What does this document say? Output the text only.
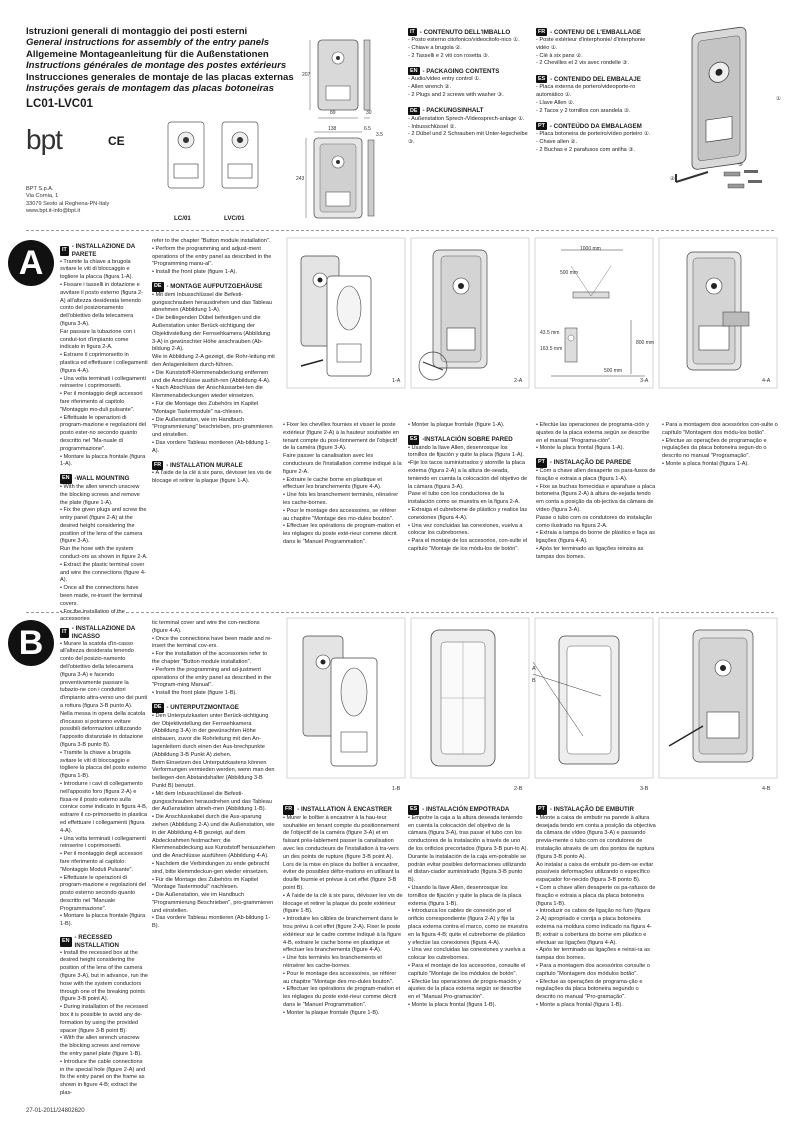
Istruzioni generali di montaggio dei posti esterni
General instructions for assembly of the entry panels
Allgemeine Montageanleitung für die Außenstationen
Instructions générales de montage des postes extérieurs
Instrucciones generales de montaje de las placas externas
Instruções gerais de montagem das placas botoneiras
LC01-LVC01
bpt	CE
BPT S.p.A.
Via Cornia, 1
33079 Sesto al Reghena-PN-Italy
www.bpt.it-info@bpt.it
207
89	30
138	6.5
3.5
243
LC/01	LVC/01
IT - CONTENUTO DELL'IMBALLO
- Posto esterno citofonico/videocitofo-nico ①.
- Chiave a brugola ②.
- 2 Tasselli e 2 viti con rosetta ③.
EN - PACKAGING CONTENTS
- Audio/video entry control ①.
- Allen wrench ②.
- 2 Plugs and 2 screws with washer ③.
DE - PACKUNGSINHALT
- Außenstation Sprech-/Videosprech-anlage ①.
- Inbusschlüssel ②.
- 2 Dübel und 2 Schrauben mit Unter-legscheibe ③.
FR - CONTENU DE L'EMBALLAGE
- Poste extérieur d'interphonie/ d'interphonie vidéo ①.
- Clé à six pans ②.
- 2 Chevilles et 2 vis avec rondelle ③.
ES - CONTENIDO DEL EMBALAJE
- Placa externa de portero/videoporte-ro automático ①.
- Llave Allen ②.
- 2 Tacos y 2 tornillos con arandela ③.
PT - CONTEÚDO DA EMBALAGEM
- Placa botoneira de porteiro/vídeo porteiro ①.
- Chave allen ②.
- 2 Buchas e 2 parafusos com anilha ③.
①
②
③
A	IT - INSTALLAZIONE DA PARETE

• Tramite la chiave a brugola svitare le viti di bloccaggio e togliere la placca (figura 1-A).

• Fissare i tasselli in dotazione e avvitare il posto esterno (figura 2-A) all'altezza desiderata tenendo conto del posizionamento dell'obiettivo della telecamera (figura 3-A).

Far passare la tubazione con i condut-tori d'impianto come indicato in figura 2-A.

• Estrarre il coprimorsetto in plastica ed effettuare i collegamenti (figura 4-A).

• Una volta terminati i collegamenti reinserire i coprimorsetti.

• Per il montaggio degli accessori fare riferimento al capitolo "Montaggio mo-duli pulsante".

• Effettuate le operazioni di program-mazione e regolazioni del posto ester-no secondo quanto descritto nel "Ma-nuale di programmazione".

• Montare la placca frontale (figura 1-A).

EN -WALL MOUNTING

• With the allen wrench unscrew the blocking screws and remove the plate (figure 1-A).

• Fix the given plugs and screw the entry panel (figure 2-A) at the desired height considering the position of the lens of the camera (figure 3-A).

Run the hose with the system conduct-ors as shown in figure 2-A.

• Extract the plastic terminal cover and wire the connections (figure 4-A).

• Once all the connections have been made, re-insert the terminal covers.

• For the installation of the accessories

refer to the chapter "Button module installation".

• Perform the programming and adjust-ment operations of the entry panel as described in the "Programming manu-al".

• Install the front plate (figure 1-A).

DE - MONTAGE AUFPUTZGEHÄUSE

• Mit dem Inbusschlüssel die Befesti-gungsschrauben herausdrehen und das Tableau abnehmen (Abbildung 1-A).

• Die beiliegenden Dübel befestigen und die Außenstation unter Berück-sichtigung der Objektivstellung der Fernsehkamera (Abbildung 3-A) in gewünschter Höhe anschrauben (Ab-bildung 2-A).

Wie in Abbildung 2-A gezeigt, die Rohr-leitung mit den Anlagenleitern durch-führen.

• Die Kunststoff-Klemmenabdeckung entfernen und die Anschlüsse ausfüh-ren (Abbildung 4-A).

• Nach Abschluss der Anschlussarbei-ten die Klemmenabdeckungen wieder einsetzen.

• Für die Montage des Zubehörs im Kapitel "Montage Tastermodule" na-chlesen.

• Die Außenstation, wie im Handbuch "Programmierung" beschrieben, pro-grammieren und einstellen.

• Das vordere Tableau montieren (Ab-bildung 1-A).

FR - INSTALLATION MURALE

• À l'aide de la clé à six pans, dévisser les vis de blocage et retirer la plaque (figure 1-A).

1-A	2-A	3-A	4-A
1000 mm
500 mm
43.5 mm
163.5 mm
800 mm
500 mm

• Fixer les chevilles fournies et visser le poste extérieur (figure 2-A) à la hauteur souhaitée en tenant compte du posi-tionnement de l'objectif de la caméra (figure 3-A).

Faire passer la canalisation avec les conducteurs de l'installation comme indiqué à la figure 2-A.

• Extraire le cache borne en plastique et effectuer les branchements (figure 4-A).

• Une fois les branchement terminés, réinsérer les cache-bornes.

• Pour le montage des accessoires, se référer au chapitre "Montage des mo-dules bouton".

• Effectuer les opérations de program-mation et les réglages du poste exté-rieur comme décrit dans le "Manuel Programmation".

• Monter la plaque frontale (figure 1-A).

ES -INSTALACIÓN SOBRE PARED

• Usando la llave Allen, desenrosque los tornillos de fijación y quite la placa (figura 1-A).

•Fije los tacos suministrados y atornille la placa externa (figura 2-A) a la altura de-seada, teniendo en cuenta la colocación del objetivo de la cámara (figura 3-A).

Pase el tubo con los conductores de la instalación como se muestra en la figura 2-A.

• Extraiga el cubreborne de plástico y realice las conexiones (figura 4-A).

• Una vez concluidas las conexiones, vuelva a colocar los cubrebornes.

• Para el montaje de los accesorios, con-sulte el capítulo "Montaje de los módu-los de botón".

• Efectúe las operaciones de programa-ción y ajustes de la placa externa según se describe en el manual "Programa-ción".

• Monte la placa frontal (figura 1-A).

PT - INSTALAÇÃO DE PAREDE

• Com a chave allen desaperte os para-fusos de fixação e extraia a placa (figura 1-A).

• Fixe as buchas fornecidas e aparafuse a placa botoneira (figura 2-A) à altura de-sejada tendo em conta a posição da ob-jectiva da câmara de vídeo (figura 3-A).

Passe o tubo com os condutores do instalação como ilustrado na figura 2-A.

• Extraia a tampa do borne de plástico e faça as ligações (figura 4-A).

• Após ter terminado as ligações reinsira as tampas dos bornes.

• Para a montagem dos acessórios con-sulte o capítulo "Montagem dos módu-los botão".

• Efectue as operações de programação e regulações da placa botoneira segun-do o descrito no manual "Programação".

• Monte a placa frontal (figura 1-A).

B	IT - INSTALLAZIONE DA INCASSO

• Murare la scatola d'in-casso all'altezza desiderata tenendo conto del posizio-namento dell'obiettivo della telecamera (figura 3-A) e facendo preventivamente passare la tubazio-ne con i conduttori d'impianto attra-verso uno dei punti a rottura (figura 3-B punto A).

Nella messa in opera della scatola d'incasso si potranno evitare possibili deformazioni utilizzando l'apposito distanziale in dotazione (figura 3-B punto B).

• Tramite la chiave a brugola svitare le viti di bloccaggio e togliere la placca del posto esterno (figura 1-B).

• Introdurre i cavi di collegamento nell'apposito foro (figura 2-A) e fissa-re il posto esterno sulla cornice come indicato in figura 4-B, estrarre il co-primorsetto in plastica ed effettuare i collegamenti (figura 4-A).

• Una volta terminati i collegamenti reinserire i coprimorsetti.

• Per il montaggio degli accessori fare riferimento al capitolo: "Montaggio Moduli Pulsante".

• Effettuare le operazioni di program-mazione e regolazioni del posto esterno secondo quanto descritto nel "Manuale Programmazione".

• Montare la placca frontale (figura 1-B).

EN - RECESSED INSTALLATION

• Install the recessed box at the desired height considering the position of the lens of the camera (figure 3-A), but in advance, run the hose with the system conductors through one of the breaking points (figure 3-B point A).

• During installation of the recessed box it is possible to avoid any de-formation by using the provided spacer (figure 3-B point B).

• With the allen wrench unscrew the blocking screws and remove the entry panel plate (figure 1-B).

• Introduce the cable connections in the special hole (figure 2-A) and fix the entry panel on the frame as shown in figure 4-B; extract the plas-

tic terminal cover and wire the con-nections (figure 4-A).

• Once the connections have been made and re-insert the terminal cov-ers.

• For the installation of the accessories refer to the chapter "Button module installation".

• Perform the programming and ad-justment operations of the entry panel as described in the "Program-ming Manual".

• Install the front plate (figure 1-B).

DE - UNTERPUTZMONTAGE

• Den Unterputzkasten unter Berück-sichtigung der Objektivstellung der Fernsehkamera (Abbildung 3-A) in der gewünschten Höhe einbauen, zuvor die Rohrleitung mit den An-lagenleitern durch einen der Aus-brechpunkte (Abbildung 3-B Punkt A) ziehen.

Beim Einsetzen des Unterputzkastens können Verformungen vermieden werden, wenn man den beiliegen-den Abstandshalter (Abbildung 3-B Punkt B) benutzt.

• Mit dem Inbusschlüssel die Befesti-gungsschrauben herausdrehen und das Tableau der Außenstation abneh-men (Abbildung 1-B).

• Die Anschlusskabel durch die Aus-sparung ziehen (Abbildung 2-A) und die Außenstation, wie in der Abbildung 4-B gezeigt, auf dem Abdeckrahmen festmachen; die Klemmenabdeckung aus Kunststoff herausziehen und die Anschlüsse ausführen (Abbildung 4-A).

• Nachdem die Verbindungen zu ende gebracht sind, bitte klemmdeckun-gen wieder einsetzen.

• Für die Montage des Zubehörs im Kapitel "Montage Tastermodul" nachlesen.

• Die Außenstation, wie im Handbuch "Programmierung Beschrieben", pro-grammieren und einstellen.

• Das vordere Tableau montieren (Ab-bildung 1-B).

1-B	2-B	3-B	4-B
A
B
FR - INSTALLATION À ENCASTRER

• Murer le boîtier à encastrer à la hau-teur souhaitée en tenant compte du positionnement de l'objectif de la caméra (figure 3-A) et en faisant préa-lablement passer la canalisation avec les conducteurs de l'installation à tra-vers un des points de rupture (figure 3-B point A).

Lors de la mise en place du boîtier à encastrer, éviter de possibles défor-mations en utilisant la douille fournie et prévue à cet effet (figure 3-B point B).

• À l'aide de la clé à six pans, dévisser les vis de blocage et retirer la plaque du poste extérieur (figure 1-B).

• Introduire les câbles de branchement dans le trou prévu à cet effet (figure 2-A). Fixer le poste extérieur sur le cadre comme indiqué à la figure 4-B, extraire le cache borne en plastique et effectuer les branchements (figure 4-A).

• Une fois terminés les branchements et réinsérer les cache-bornes.

• Pour le montage des accessoires, se référer au chapitre "Montage des mo-dules bouton".

• Effectuer les opérations de program-mation et les réglages du poste exté-rieur comme décrit dans le "Manuel Programmation".

• Monter la plaque frontale (figure 1-B).

ES - INSTALACIÓN EMPOTRADA

• Empotre la caja a la altura deseada teniendo en cuenta la colocación del objetivo de la cámara (figura 3-A), tras pasar el tubo con los conductores de la instalación a través de uno de los orificios precortados (figura 3-B pun-to A).

Durante la instalación de la caja em-potrable se podrán evitar posibles deformaciones utilizando el distan-ciador suministrado (figura 3-B punto B).

• Usando la llave Allen, desenrosque los tornillos de fijación y quite la placa de la placa externa (figura 1-B).

• Introduzca los cables de conexión por el orificio correspondiente (figura 2-A) y fije la placa externa contra el marco, como se muestra en la figura 4-B; quite el cubreborne de plástico y efectúe las conexiones (figura 4-A).

• Una vez concluidas las conexiones y vuelva a colocar los cubrebornes.

• Para el montaje de los accesorios, consulte el capítulo "Montaje de los módulos de botón".

• Efectúe las operaciones de progra-mación y ajustes de la placa externa según se describe en el "Manual Pro-gramación".

• Monte la placa frontal (figura 1-B).

PT - INSTALAÇÃO DE EMBUTIR

• Monte a caixa de embutir na parede à altura desejada tendo em conta a posição da objectiva da câmara de vídeo (figura 3-A) e passando previa-mente o tubo com os condutores de instalação através de um dos pontos de ruptura (figura 3-B ponto A).

Ao instalar a caixa de embutir po-dem-se evitar possíveis deformações utilizando o específico espaçador for-necido (figura 3-B ponto B).

• Com a chave allen desaperte os pa-rafusos de fixação e extraia a placa da placa botoneira (figura 1-B).

• Introduzir os cabos de ligação no furo (figura 2-A) apropriado e corrija a placa botoneira externa na moldura como indicado na figura 4-B; extrair a cobertura do borne em plástico e efectuar as ligações (figura 4-A).

• Após ter terminado as ligações e reinsi-ra as tampas dos bornes.

• Para a montagem dos acessórios consulte o capítulo "Montagem dos módulos botão".

• Efectue as operações de programa-ção e regulações da placa botoneira segundo o descrito no manual "Pro-gramação".

• Monte a placa frontal (figura 1-B).

27-01-2011/24802620
